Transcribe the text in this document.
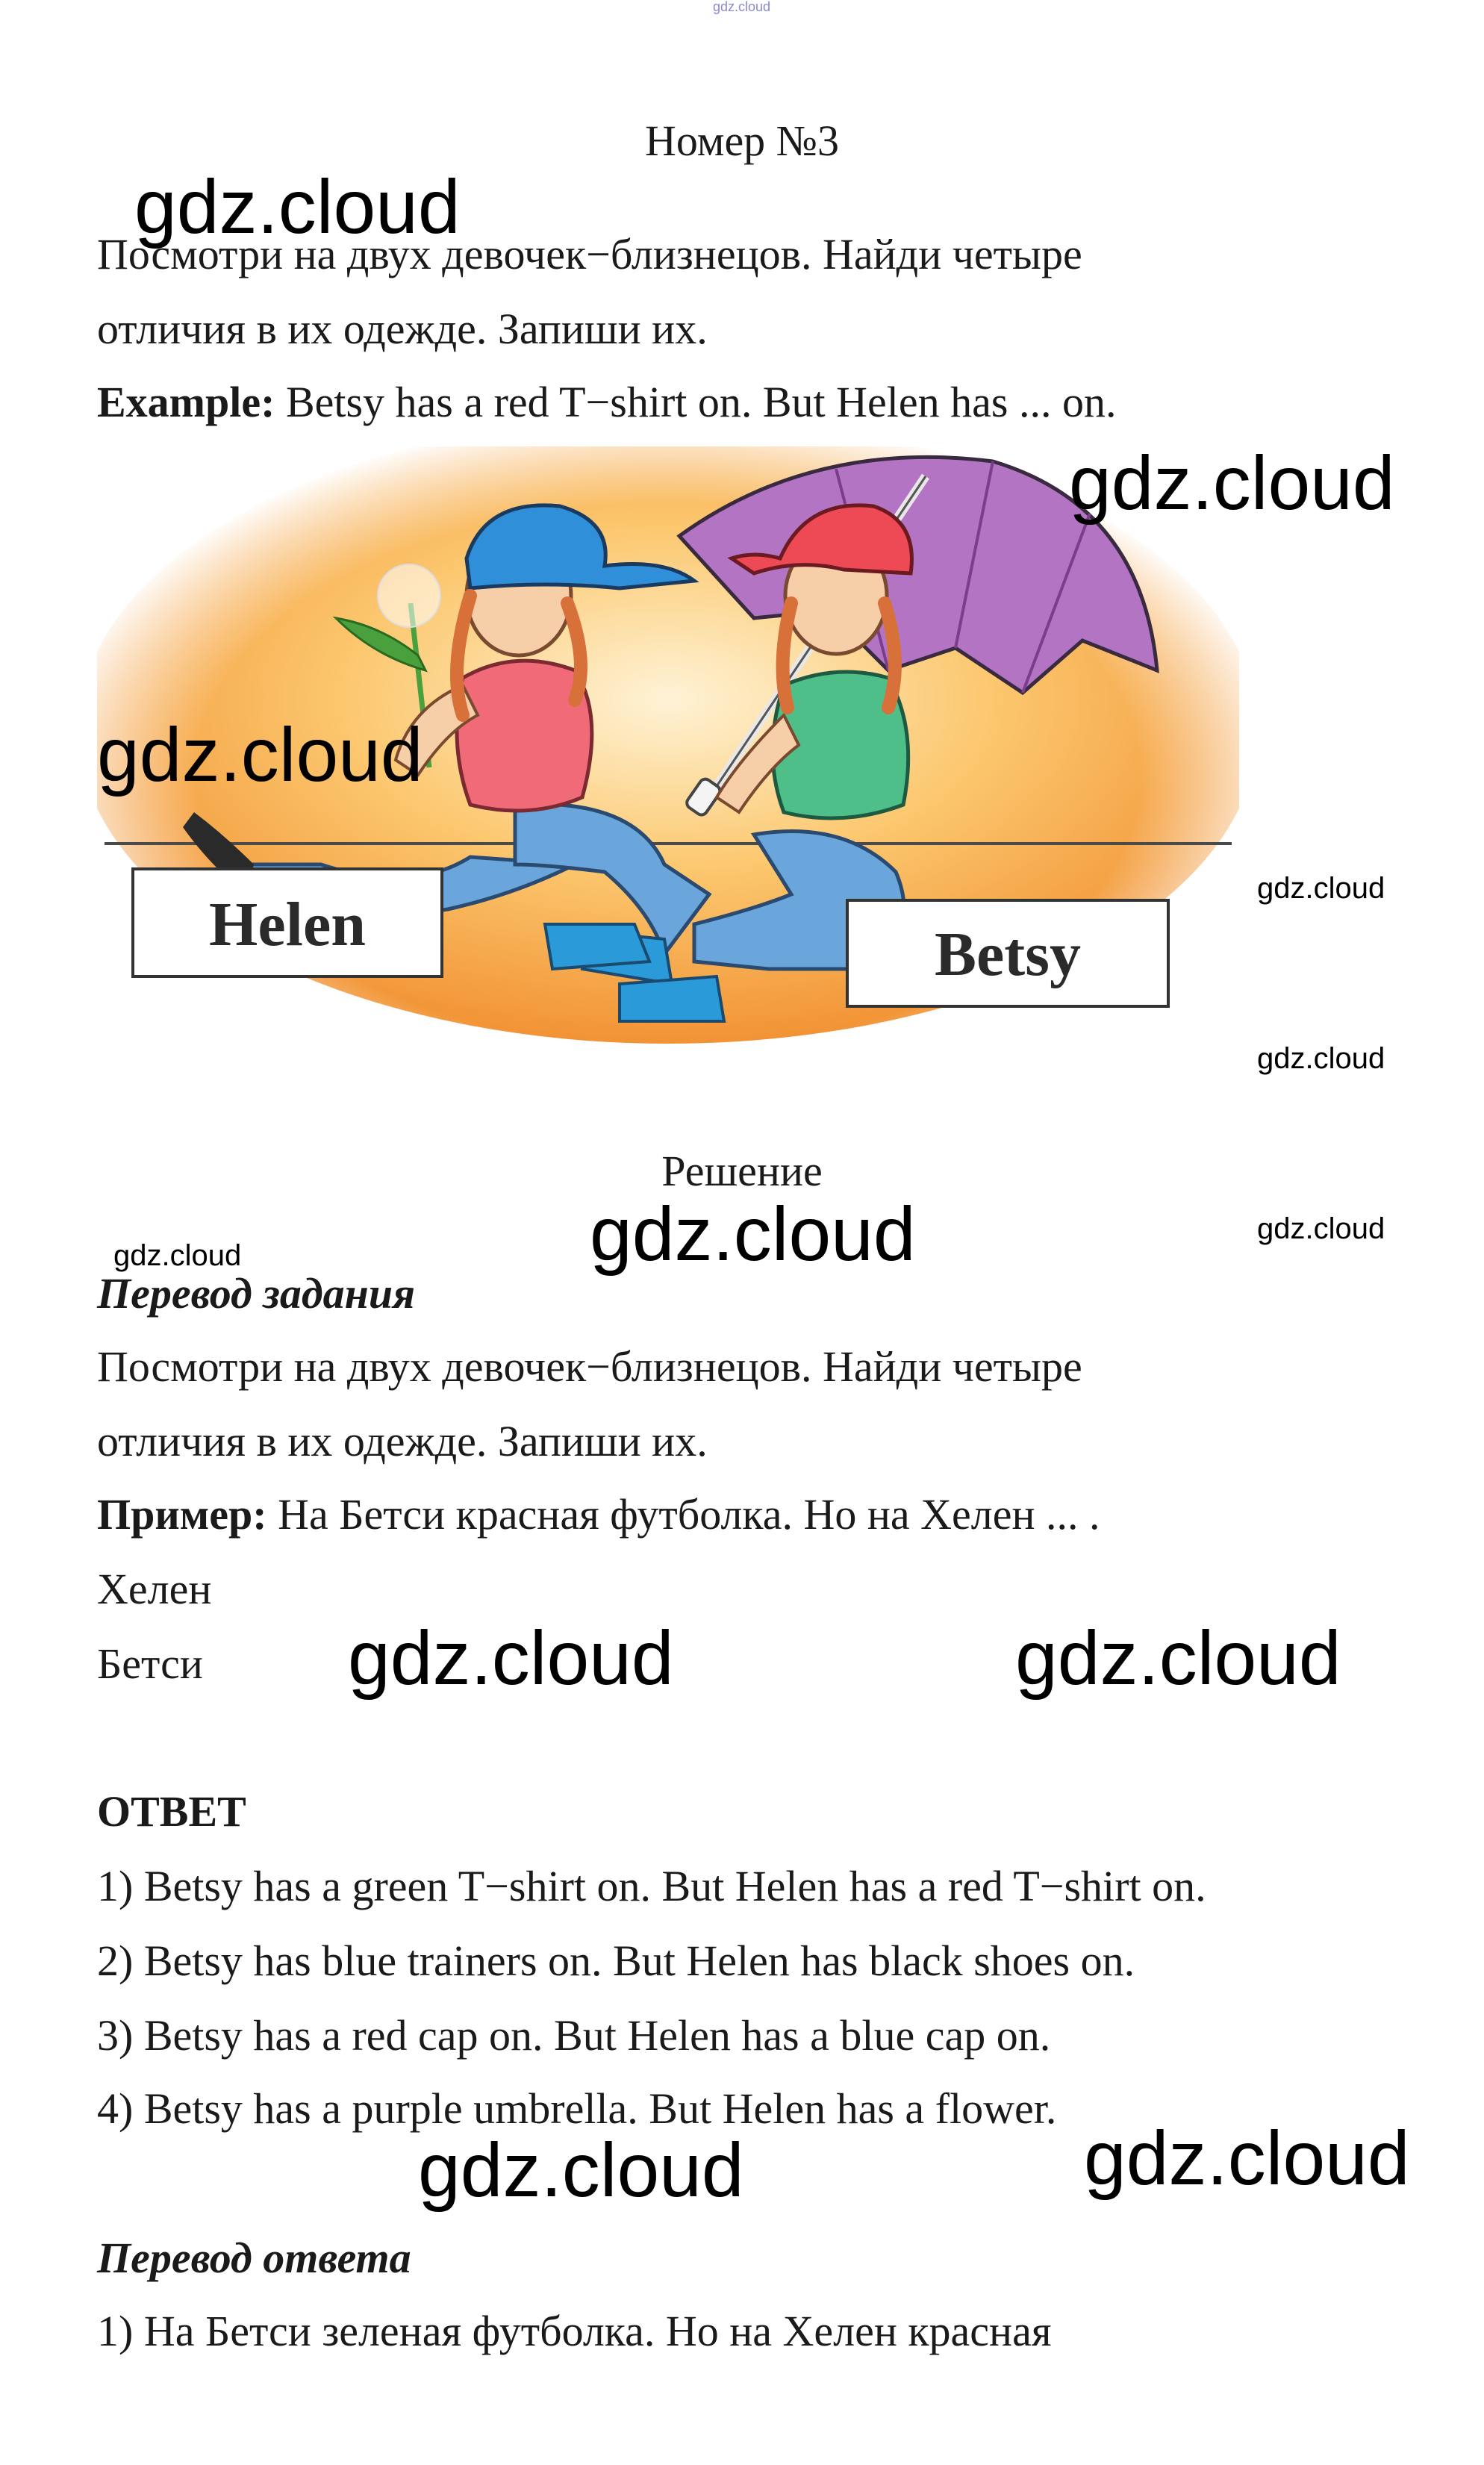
gdz.cloud
Номер №3
Посмотри на двух девочек−близнецов. Найди четыре
отличия в их одежде. Запиши их.
Example: Betsy has a red T−shirt on. But Helen has ... on.
Helen	Betsy
Решение
Перевод задания
Посмотри на двух девочек−близнецов. Найди четыре
отличия в их одежде. Запиши их.
Пример: На Бетси красная футболка. Но на Хелен ... .
Хелен
Бетси
ОТВЕТ
1) Betsy has a green T−shirt on. But Helen has a red T−shirt on.
2) Betsy has blue trainers on. But Helen has black shoes on.
3) Betsy has a red cap on. But Helen has a blue cap on.
4) Betsy has a purple umbrella. But Helen has a flower.
Перевод ответа
1) На Бетси зеленая футболка. Но на Хелен красная
gdz.cloud
gdz.cloud
gdz.cloud
gdz.cloud
gdz.cloud
gdz.cloud	gdz.cloud
gdz.cloud
gdz.cloud	gdz.cloud
gdz.cloud	gdz.cloud
